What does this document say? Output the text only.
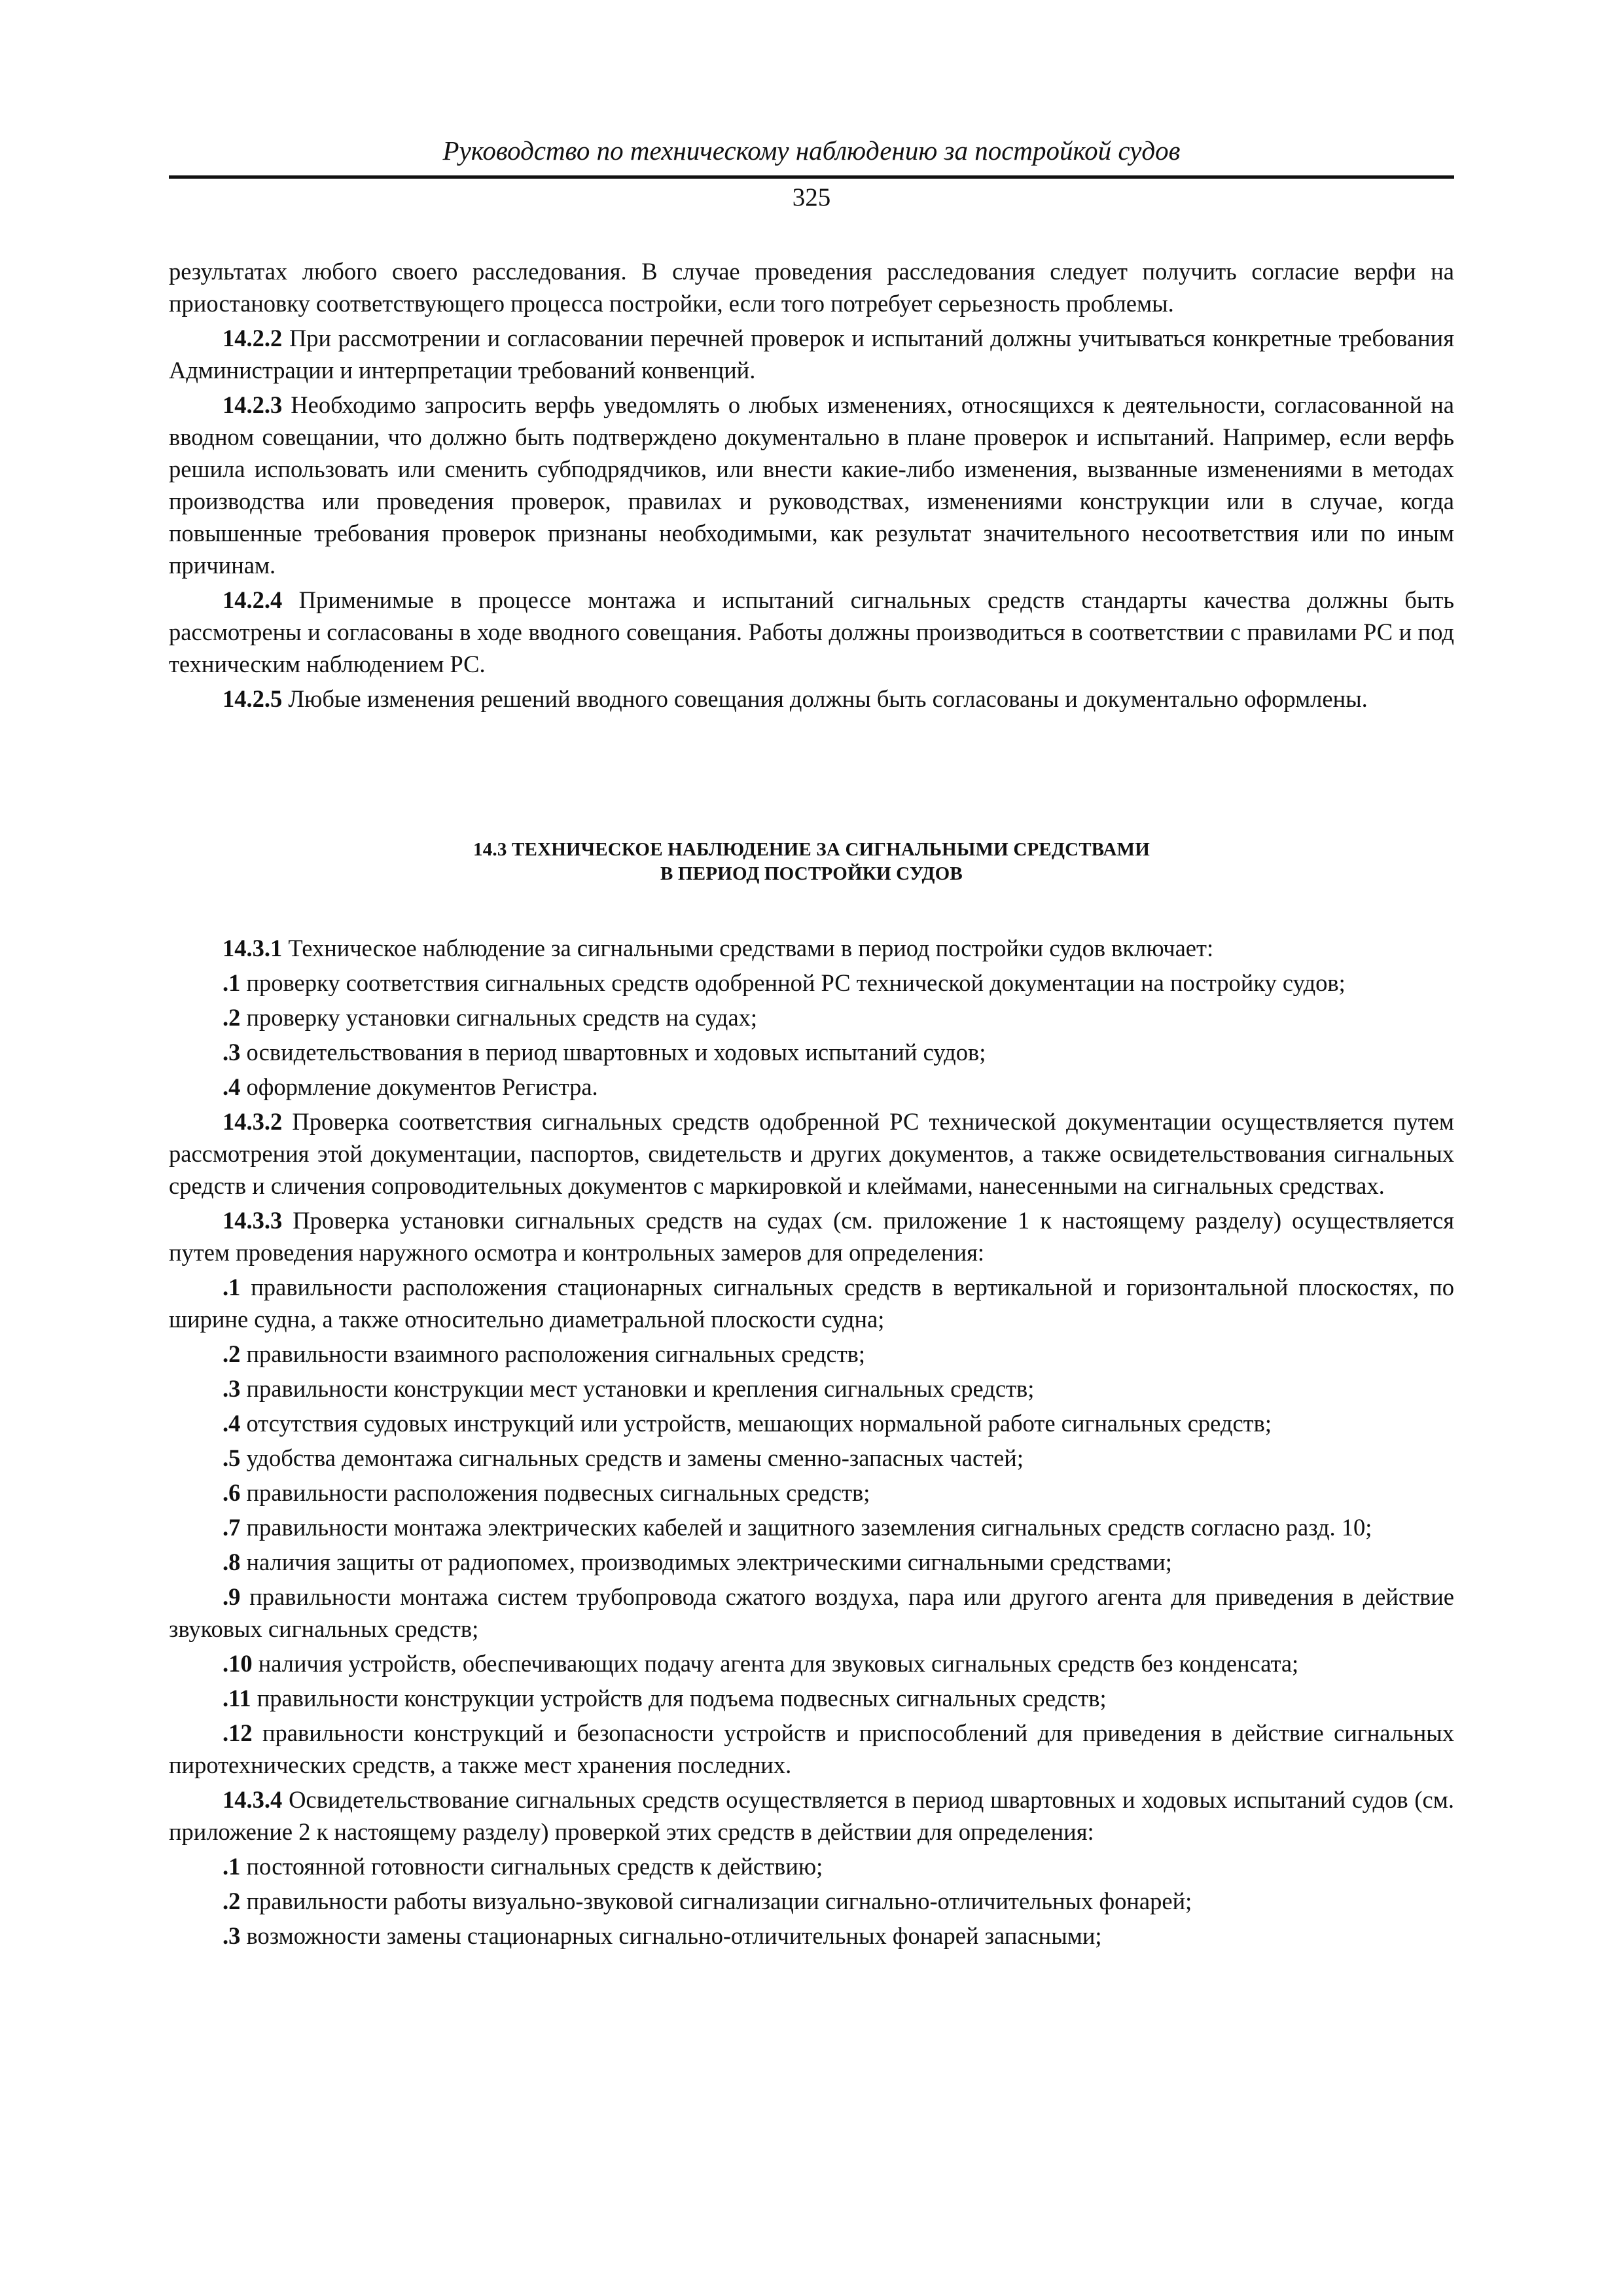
Руководство по техническому наблюдению за постройкой судов
325

результатах любого своего расследования. В случае проведения расследования следует получить согласие верфи на приостановку соответствующего процесса постройки, если того потребует серьезность проблемы.

14.2.2 При рассмотрении и согласовании перечней проверок и испытаний должны учитываться конкретные требования Администрации и интерпретации требований конвенций.

14.2.3 Необходимо запросить верфь уведомлять о любых изменениях, относящихся к деятельности, согласованной на вводном совещании, что должно быть подтверждено документально в плане проверок и испытаний. Например, если верфь решила использовать или сменить субподрядчиков, или внести какие-либо изменения, вызванные изменениями в методах производства или проведения проверок, правилах и руководствах, изменениями конструкции или в случае, когда повышенные требования проверок признаны необходимыми, как результат значительного несоответствия или по иным причинам.

14.2.4 Применимые в процессе монтажа и испытаний сигнальных средств стандарты качества должны быть рассмотрены и согласованы в ходе вводного совещания. Работы должны производиться в соответствии с правилами РС и под техническим наблюдением РС.

14.2.5 Любые изменения решений вводного совещания должны быть согласованы и документально оформлены.

14.3 ТЕХНИЧЕСКОЕ НАБЛЮДЕНИЕ ЗА СИГНАЛЬНЫМИ СРЕДСТВАМИ
В ПЕРИОД ПОСТРОЙКИ СУДОВ

14.3.1 Техническое наблюдение за сигнальными средствами в период постройки судов включает:

.1 проверку соответствия сигнальных средств одобренной РС технической документации на постройку судов;

.2 проверку установки сигнальных средств на судах;

.3 освидетельствования в период швартовных и ходовых испытаний судов;

.4 оформление документов Регистра.

14.3.2 Проверка соответствия сигнальных средств одобренной РС технической документации осуществляется путем рассмотрения этой документации, паспортов, свидетельств и других документов, а также освидетельствования сигнальных средств и сличения сопроводительных документов с маркировкой и клеймами, нанесенными на сигнальных средствах.

14.3.3 Проверка установки сигнальных средств на судах (см. приложение 1 к настоящему разделу) осуществляется путем проведения наружного осмотра и контрольных замеров для определения:

.1 правильности расположения стационарных сигнальных средств в вертикальной и горизонтальной плоскостях, по ширине судна, а также относительно диаметральной плоскости судна;

.2 правильности взаимного расположения сигнальных средств;

.3 правильности конструкции мест установки и крепления сигнальных средств;

.4 отсутствия судовых инструкций или устройств, мешающих нормальной работе сигнальных средств;

.5 удобства демонтажа сигнальных средств и замены сменно-запасных частей;

.6 правильности расположения подвесных сигнальных средств;

.7 правильности монтажа электрических кабелей и защитного заземления сигнальных средств согласно разд. 10;

.8 наличия защиты от радиопомех, производимых электрическими сигнальными средствами;

.9 правильности монтажа систем трубопровода сжатого воздуха, пара или другого агента для приведения в действие звуковых сигнальных средств;

.10 наличия устройств, обеспечивающих подачу агента для звуковых сигнальных средств без конденсата;

.11 правильности конструкции устройств для подъема подвесных сигнальных средств;

.12 правильности конструкций и безопасности устройств и приспособлений для приведения в действие сигнальных пиротехнических средств, а также мест хранения последних.

14.3.4 Освидетельствование сигнальных средств осуществляется в период швартовных и ходовых испытаний судов (см. приложение 2 к настоящему разделу) проверкой этих средств в действии для определения:

.1 постоянной готовности сигнальных средств к действию;

.2 правильности работы визуально-звуковой сигнализации сигнально-отличительных фонарей;

.3 возможности замены стационарных сигнально-отличительных фонарей запасными;
